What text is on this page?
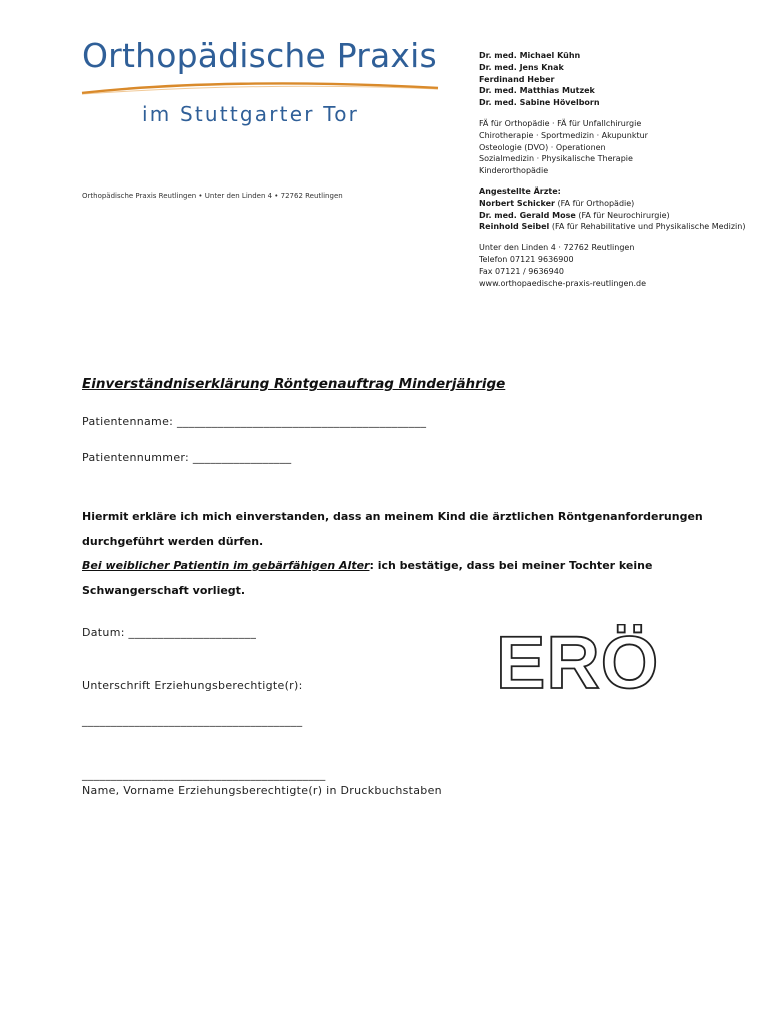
Orthopädische Praxis
im Stuttgarter Tor
Orthopädische Praxis Reutlingen • Unter den Linden 4 • 72762 Reutlingen
Dr. med. Michael Kühn
Dr. med. Jens Knak
Ferdinand Heber
Dr. med. Matthias Mutzek
Dr. med. Sabine Hövelborn
FÄ für Orthopädie · FÄ für Unfallchirurgie
Chirotherapie · Sportmedizin · Akupunktur
Osteologie (DVO) · Operationen
Sozialmedizin · Physikalische Therapie
Kinderorthopädie
Angestellte Ärzte:
Norbert Schicker (FA für Orthopädie)
Dr. med. Gerald Mose (FA für Neurochirurgie)
Reinhold Seibel (FA für Rehabilitative und Physikalische Medizin)
Unter den Linden 4 · 72762 Reutlingen
Telefon 07121 9636900
Fax 07121 / 9636940
www.orthopaedische-praxis-reutlingen.de
Einverständniserklärung Röntgenauftrag Minderjährige
Patientenname: ___________________________________________
Patientennummer: _________________
Hiermit erkläre ich mich einverstanden, dass an meinem Kind die ärztlichen Röntgenanforderungen
durchgeführt werden dürfen.
Bei weiblicher Patientin im gebärfähigen Alter: ich bestätige, dass bei meiner Tochter keine
Schwangerschaft vorliegt.
Datum: ______________________
Unterschrift Erziehungsberechtigte(r):
______________________________________
__________________________________________
Name, Vorname Erziehungsberechtigte(r) in Druckbuchstaben
ERÖ
